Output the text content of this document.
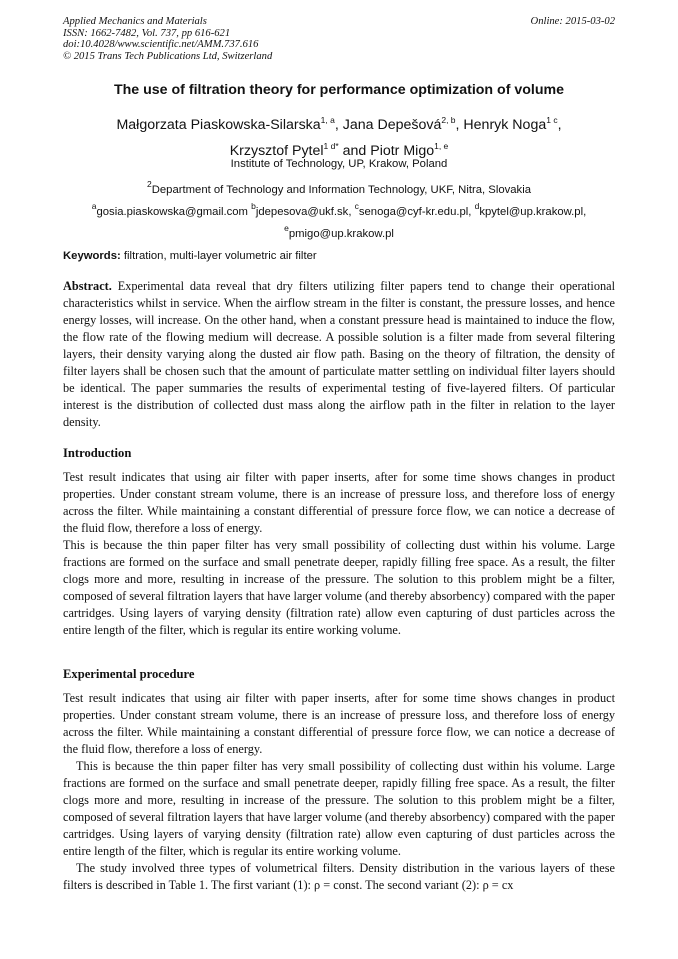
Applied Mechanics and Materials
ISSN: 1662-7482, Vol. 737, pp 616-621
doi:10.4028/www.scientific.net/AMM.737.616
© 2015 Trans Tech Publications Ltd, Switzerland
Online: 2015-03-02
The use of filtration theory for performance optimization of volume
Małgorzata Piaskowska-Silarska$^{1, a}$, Jana Depešová$^{2, b}$, Henryk Noga$^{1 c}$,
Krzysztof Pytel$^{1 d*}$ and Piotr Migo$^{1, e}$
Institute of Technology, UP, Krakow, Poland
$^2$Department of Technology and Information Technology, UKF, Nitra, Slovakia
$^a$gosia.piaskowska@gmail.com $^b$jdepesova@ukf.sk, $^c$senoga@cyf-kr.edu.pl, $^d$kpytel@up.krakow.pl,
$^e$pmigo@up.krakow.pl
Keywords: filtration, multi-layer volumetric air filter

Abstract. Experimental data reveal that dry filters utilizing filter papers tend to change their operational characteristics whilst in service. When the airflow stream in the filter is constant, the pressure losses, and hence energy losses, will increase. On the other hand, when a constant pressure head is maintained to induce the flow, the flow rate of the flowing medium will decrease. A possible solution is a filter made from several filtering layers, their density varying along the dusted air flow path. Basing on the theory of filtration, the density of filter layers shall be chosen such that the amount of particulate matter settling on individual filter layers should be identical. The paper summaries the results of experimental testing of five-layered filters. Of particular interest is the distribution of collected dust mass along the airflow path in the filter in relation to the layer density.

Introduction

Test result indicates that using air filter with paper inserts, after for some time shows changes in product properties. Under constant stream volume, there is an increase of pressure loss, and therefore loss of energy across the filter. While maintaining a constant differential of pressure force flow, we can notice a decrease of the fluid flow, therefore a loss of energy.

This is because the thin paper filter has very small possibility of collecting dust within his volume. Large fractions are formed on the surface and small penetrate deeper, rapidly filling free space. As a result, the filter clogs more and more, resulting in increase of the pressure. The solution to this problem might be a filter, composed of several filtration layers that have larger volume (and thereby absorbency) compared with the paper cartridges. Using layers of varying density (filtration rate) allow even capturing of dust particles across the entire length of the filter, which is regular its entire working volume.

Experimental procedure

Test result indicates that using air filter with paper inserts, after for some time shows changes in product properties. Under constant stream volume, there is an increase of pressure loss, and therefore loss of energy across the filter. While maintaining a constant differential of pressure force flow, we can notice a decrease of the fluid flow, therefore a loss of energy.

This is because the thin paper filter has very small possibility of collecting dust within his volume. Large fractions are formed on the surface and small penetrate deeper, rapidly filling free space. As a result, the filter clogs more and more, resulting in increase of the pressure. The solution to this problem might be a filter, composed of several filtration layers that have larger volume (and thereby absorbency) compared with the paper cartridges. Using layers of varying density (filtration rate) allow even capturing of dust particles across the entire length of the filter, which is regular its entire working volume.

The study involved three types of volumetrical filters. Density distribution in the various layers of these filters is described in Table 1. The first variant (1): ρ = const. The second variant (2): ρ = cx
